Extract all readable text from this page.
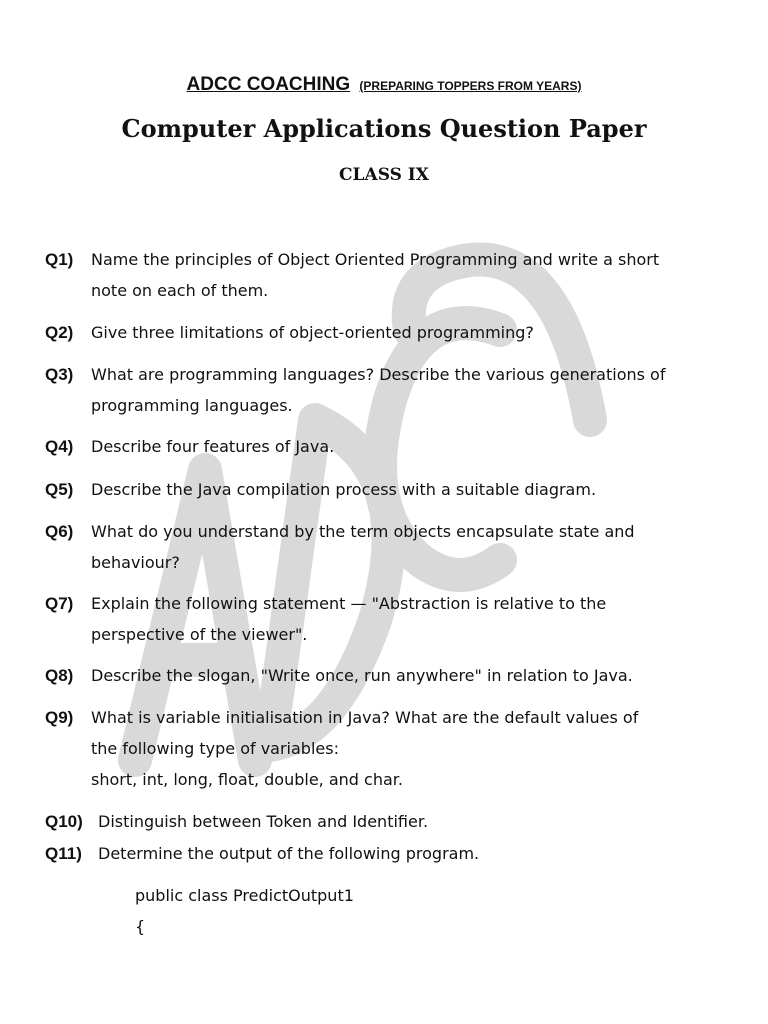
ADCC COACHING (PREPARING TOPPERS FROM YEARS)
Computer Applications Question Paper
CLASS IX
Q1) Name the principles of Object Oriented Programming and write a short
note on each of them.
Q2) Give three limitations of object-oriented programming?
Q3) What are programming languages? Describe the various generations of
programming languages.
Q4) Describe four features of Java.
Q5) Describe the Java compilation process with a suitable diagram.
Q6) What do you understand by the term objects encapsulate state and
behaviour?
Q7) Explain the following statement — "Abstraction is relative to the
perspective of the viewer".
Q8) Describe the slogan, "Write once, run anywhere" in relation to Java.
Q9) What is variable initialisation in Java? What are the default values of
the following type of variables:
short, int, long, float, double, and char.
Q10) Distinguish between Token and Identifier.
Q11) Determine the output of the following program.
public class PredictOutput1
{
